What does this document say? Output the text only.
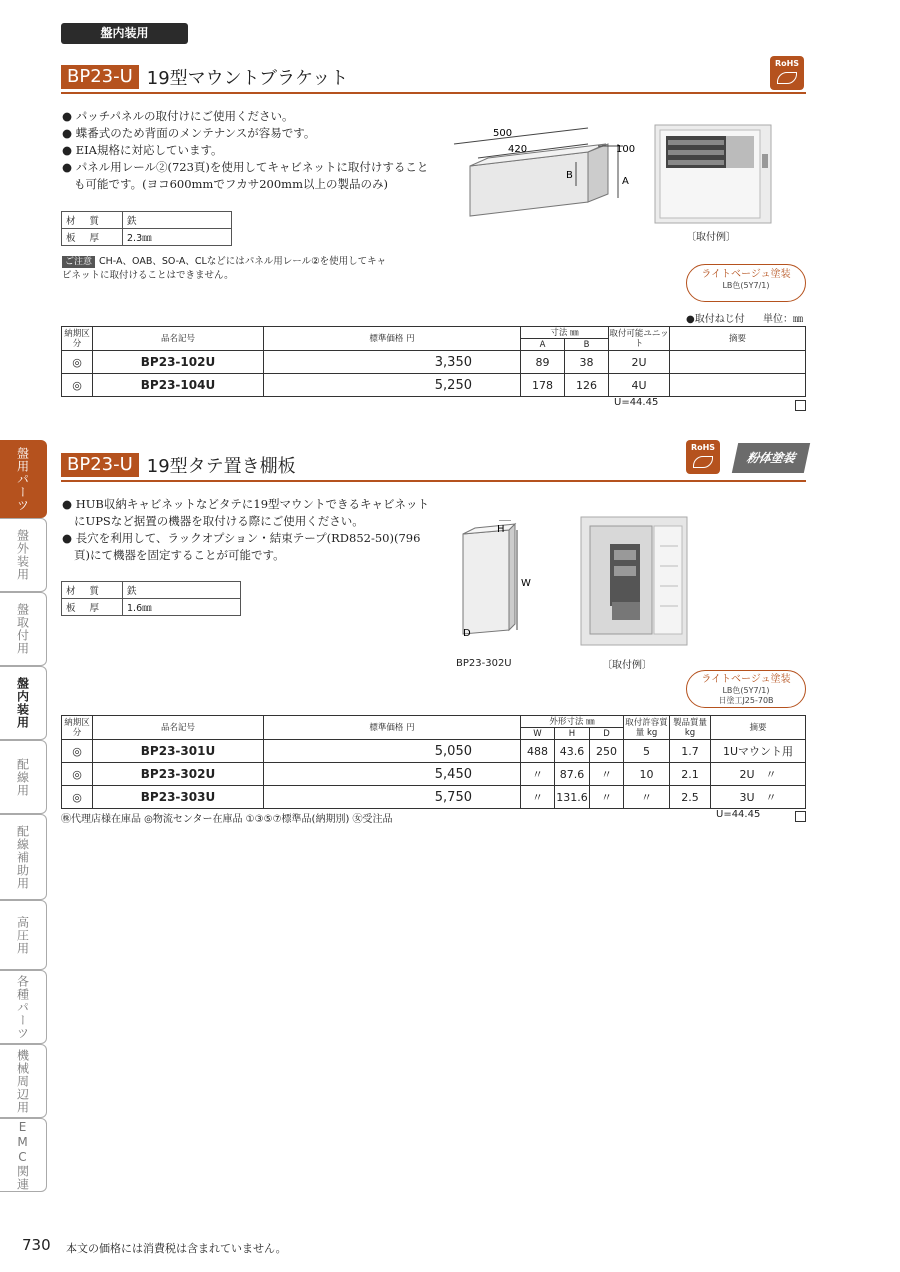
盤内装用
BP23-U 19型マウントブラケット
RoHS
● パッチパネルの取付けにご使用ください。
● 蝶番式のため背面のメンテナンスが容易です。
● EIA規格に対応しています。
● パネル用レール②(723頁)を使用してキャビネットに取付けすることも可能です。(ヨコ600mmでフカサ200mm以上の製品のみ)
材質	鉄
板厚	2.3㎜
ご注意 CH-A、OAB、SO-A、CLなどにはパネル用レール②を使用してキャビネットに取付けることはできません。
500
420	100
B
A
〔取付例〕
ライトベージュ塗装
LB色(5Y7/1)
●取付ねじ付 単位：㎜
納期区分	品名記号	標準価格 円	寸法 ㎜		取付可能ユニット	摘要
			A	B		
◎	BP23-102U	3,350	89	38	2U	
◎	BP23-104U	5,250	178	126	4U	
U=44.45
BP23-U 19型タテ置き棚板
RoHS
粉体塗装
● HUB収納キャビネットなどタテに19型マウントできるキャビネットにUPSなど据置の機器を取付ける際にご使用ください。
● 長穴を利用して、ラックオプション・結束テープ(RD852-50)(796頁)にて機器を固定することが可能です。
材質	鉄
板厚	1.6㎜
H
W
D
BP23-302U	〔取付例〕
ライトベージュ塗装
LB色(5Y7/1)
日塗工J25-70B
納期区分	品名記号	標準価格 円	外形寸法 ㎜			取付許容質量 kg	製品質量 kg	摘要
			W	H	D			
◎	BP23-301U	5,050	488	43.6	250	5	1.7	1Uマウント用
◎	BP23-302U	5,450	〃	87.6	〃	10	2.1	2U　〃
◎	BP23-303U	5,750	〃	131.6	〃	〃	2.5	3U　〃
㊑代理店様在庫品 ◎物流センター在庫品 ①③⑤⑦標準品(納期別) ㊛受注品	U=44.45
盤用パーツ
盤外装用
盤取付用
盤内装用
配線用
配線補助用
高圧用
各種パーツ
機械周辺用
EMC関連
730 本文の価格には消費税は含まれていません。
